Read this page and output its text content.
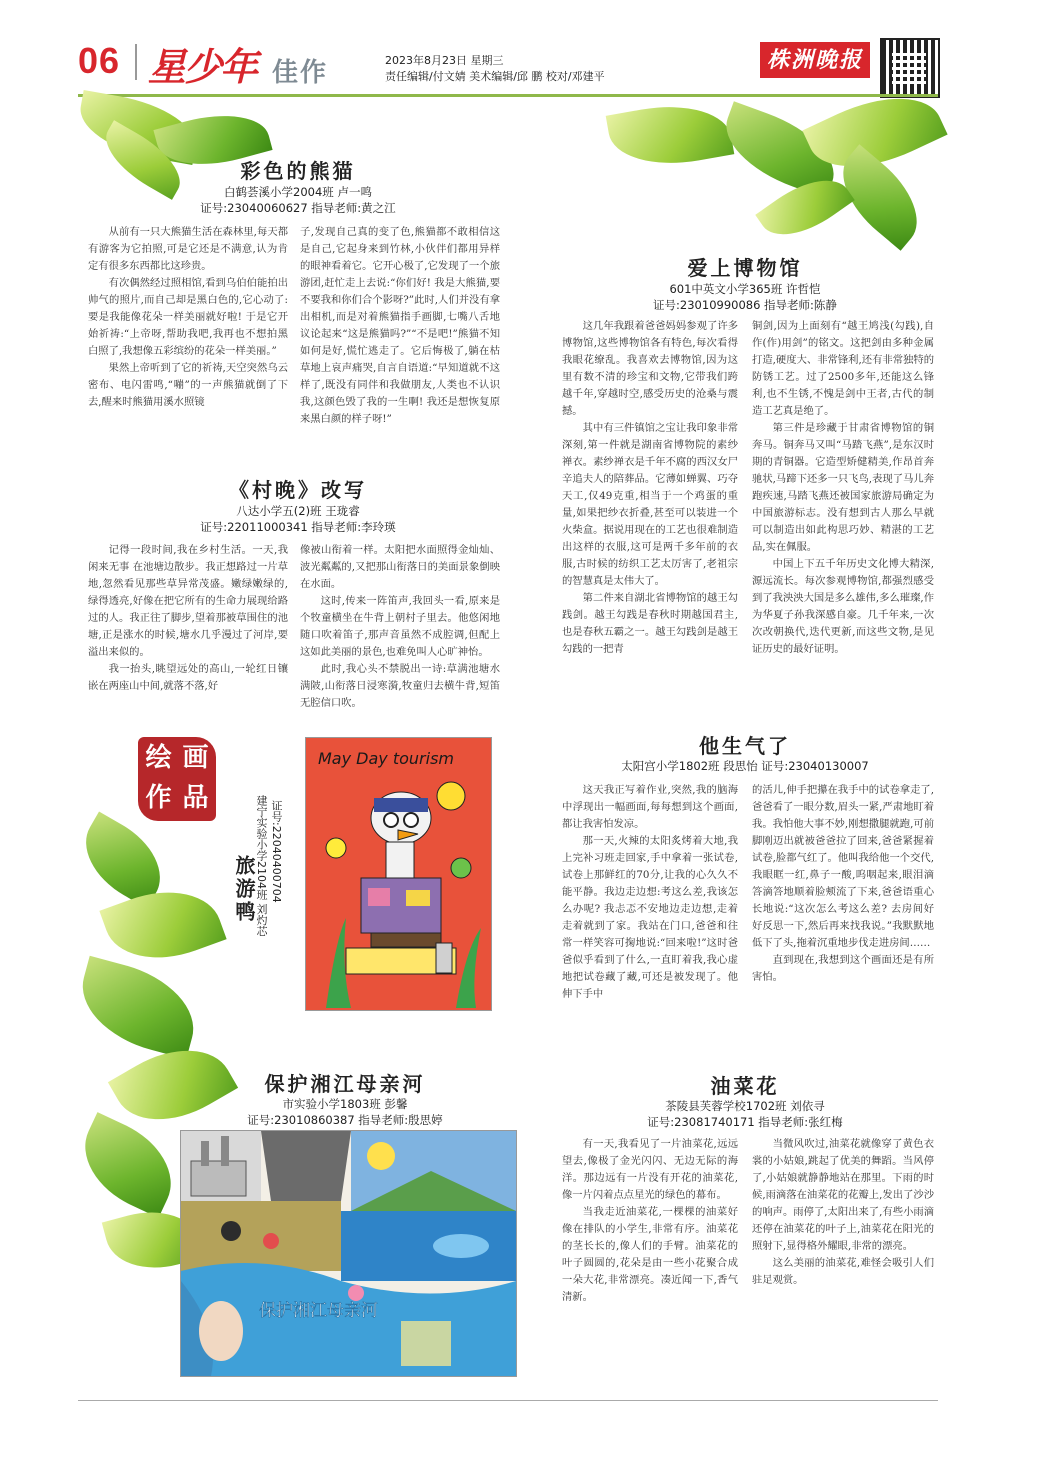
06 星少年 佳作	2023年8月23日 星期三
责任编辑/付文婧 美术编辑/邱 鹏 校对/邓建平
株洲晚报
彩色的熊猫
白鹤荟溪小学2004班 卢一鸣
证号:23040060627 指导老师:黄之江

从前有一只大熊猫生活在森林里,每天都有游客为它拍照,可是它还是不满意,认为肯定有很多东西都比这珍贵。

有次偶然经过照相馆,看到乌伯伯能拍出帅气的照片,而自己却是黑白色的,它心动了:要是我能像花朵一样美丽就好啦! 于是它开始祈祷:“上帝呀,帮助我吧,我再也不想拍黑白照了,我想像五彩缤纷的花朵一样美丽。”

果然上帝听到了它的祈祷,天空突然乌云密布、电闪雷鸣,“嘣”的一声熊猫就倒了下去,醒来时熊猫用溪水照镜

子,发现自己真的变了色,熊猫都不敢相信这是自己,它起身来到竹林,小伙伴们都用异样的眼神看着它。它开心极了,它发现了一个旅游团,赶忙走上去说:“你们好! 我是大熊猫,要不要我和你们合个影呀?”此时,人们并没有拿出相机,而是对着熊猫指手画脚,七嘴八舌地议论起来“这是熊猫吗?”“不是吧!”熊猫不知如何是好,慌忙逃走了。它后悔极了,躺在枯草地上哀声痛哭,自言自语道:“早知道就不这样了,既没有同伴和我做朋友,人类也不认识我,这颜色毁了我的一生啊! 我还是想恢复原来黑白颜的样子呀!”

爱上博物馆
601中英文小学365班 许哲恺
证号:23010990086 指导老师:陈静

这几年我跟着爸爸妈妈参观了许多博物馆,这些博物馆各有特色,每次看得我眼花缭乱。我喜欢去博物馆,因为这里有数不清的珍宝和文物,它带我们跨越千年,穿越时空,感受历史的沧桑与震撼。

其中有三件镇馆之宝让我印象非常深刻,第一件就是湖南省博物院的素纱禅衣。素纱禅衣是千年不腐的西汉女尸辛追夫人的陪葬品。它薄如蝉翼、巧夺天工,仅49克重,相当于一个鸡蛋的重量,如果把纱衣折叠,甚至可以装进一个火柴盒。据说用现在的工艺也很难制造出这样的衣服,这可是两千多年前的衣服,古时候的纺织工艺太厉害了,老祖宗的智慧真是太伟大了。

第二件来自湖北省博物馆的越王勾践剑。越王勾践是春秋时期越国君主,也是春秋五霸之一。越王勾践剑是越王勾践的一把青

铜剑,因为上面刻有“越王鸠浅(勾践),自作(作)用剑”的铭文。这把剑由多种金属打造,硬度大、非常锋利,还有非常独特的防锈工艺。过了2500多年,还能这么锋利,也不生锈,不愧是剑中王者,古代的制造工艺真是绝了。

第三件是珍藏于甘肃省博物馆的铜奔马。铜奔马又叫“马踏飞燕”,是东汉时期的青铜器。它造型矫健精美,作昂首奔驰状,马蹄下还多一只飞鸟,表现了马儿奔跑疾速,马踏飞燕还被国家旅游局确定为中国旅游标志。没有想到古人那么早就可以制造出如此构思巧妙、精湛的工艺品,实在佩服。

中国上下五千年历史文化博大精深,源远流长。每次参观博物馆,都强烈感受到了我泱泱大国是多么雄伟,多么璀璨,作为华夏子孙我深感自豪。几千年来,一次次改朝换代,迭代更新,而这些文物,是见证历史的最好证明。

《村晚》改写
八达小学五(2)班 王珑睿
证号:22011000341 指导老师:李玲瑛

记得一段时间,我在乡村生活。一天,我闲来无事 在池塘边散步。我正想路过一片草地,忽然看见那些草异常茂盛。嫩绿嫩绿的,绿得透亮,好像在把它所有的生命力展现给路过的人。我正往了脚步,望着那被草围住的池塘,正是涨水的时候,塘水几乎漫过了河岸,要溢出来似的。

我一抬头,眺望远处的高山,一轮红日镶嵌在两座山中间,就落不落,好

像被山衔着一样。太阳把水面照得金灿灿、波光粼粼的,又把那山衔落日的美面景象倒映在水面。

这时,传来一阵笛声,我回头一看,原来是个牧童横坐在牛背上朝村子里去。他悠闲地随口吹着笛子,那声音虽然不成腔调,但配上这如此美丽的景色,也难免叫人心旷神怡。

此时,我心头不禁脱出一诗:草满池塘水满陂,山衔落日浸寒漪,牧童归去横牛背,短笛无腔信口吹。

绘 画
作 品
旅游鸭 建宁实验小学2104班 刘灼芯 证号:22040400704
May Day tourism
他生气了
太阳宫小学1802班 段思怡 证号:23040130007

这天我正写着作业,突然,我的脑海中浮现出一幅画面,每每想到这个画面,都让我害怕发凉。

那一天,火辣的太阳炙烤着大地,我上完补习班走回家,手中拿着一张试卷,试卷上那鲜红的70分,让我的心久久不能平静。我边走边想:考这么差,我该怎么办呢? 我忐忑不安地边走边想,走着走着就到了家。我站在门口,爸爸和往常一样笑容可掬地说:“回来啦!”这时爸爸似乎看到了什么,一直盯着我,我心虚地把试卷藏了藏,可还是被发现了。他伸下手中

的活儿,伸手把攥在我手中的试卷拿走了,爸爸看了一眼分数,眉头一紧,严肃地盯着我。我怕他大事不妙,刚想撒腿就跑,可前脚刚迈出就被爸爸拉了回来,爸爸紧握着试卷,脸都气红了。他叫我给他一个交代,我眼眶一红,鼻子一酸,呜咽起来,眼泪滴答滴答地顺着脸颊流了下来,爸爸语重心长地说:“这次怎么考这么差? 去房间好好反思一下,然后再来找我说。”我默默地低下了头,拖着沉重地步伐走进房间……

直到现在,我想到这个画面还是有所害怕。

保护湘江母亲河
市实验小学1803班 彭馨
证号:23010860387 指导老师:殷思婷
保护湘江母亲河
油菜花
茶陵县芙蓉学校1702班 刘依寻
证号:23081740171 指导老师:张红梅

有一天,我看见了一片油菜花,远远望去,像极了金光闪闪、无边无际的海洋。那边远有一片没有开花的油菜花,像一片闪着点点星光的绿色的幕布。

当我走近油菜花,一棵棵的油菜好像在排队的小学生,非常有序。油菜花的茎长长的,像人们的手臂。油菜花的叶子圆圆的,花朵是由一些小花聚合成一朵大花,非常漂亮。凑近闻一下,香气清新。

当微风吹过,油菜花就像穿了黄色衣裳的小姑娘,跳起了优美的舞蹈。当风停了,小姑娘就静静地站在那里。下雨的时候,雨滴落在油菜花的花瓣上,发出了沙沙的响声。雨停了,太阳出来了,有些小雨滴还停在油菜花的叶子上,油菜花在阳光的照射下,显得格外耀眼,非常的漂亮。

这么美丽的油菜花,难怪会吸引人们驻足观赏。
